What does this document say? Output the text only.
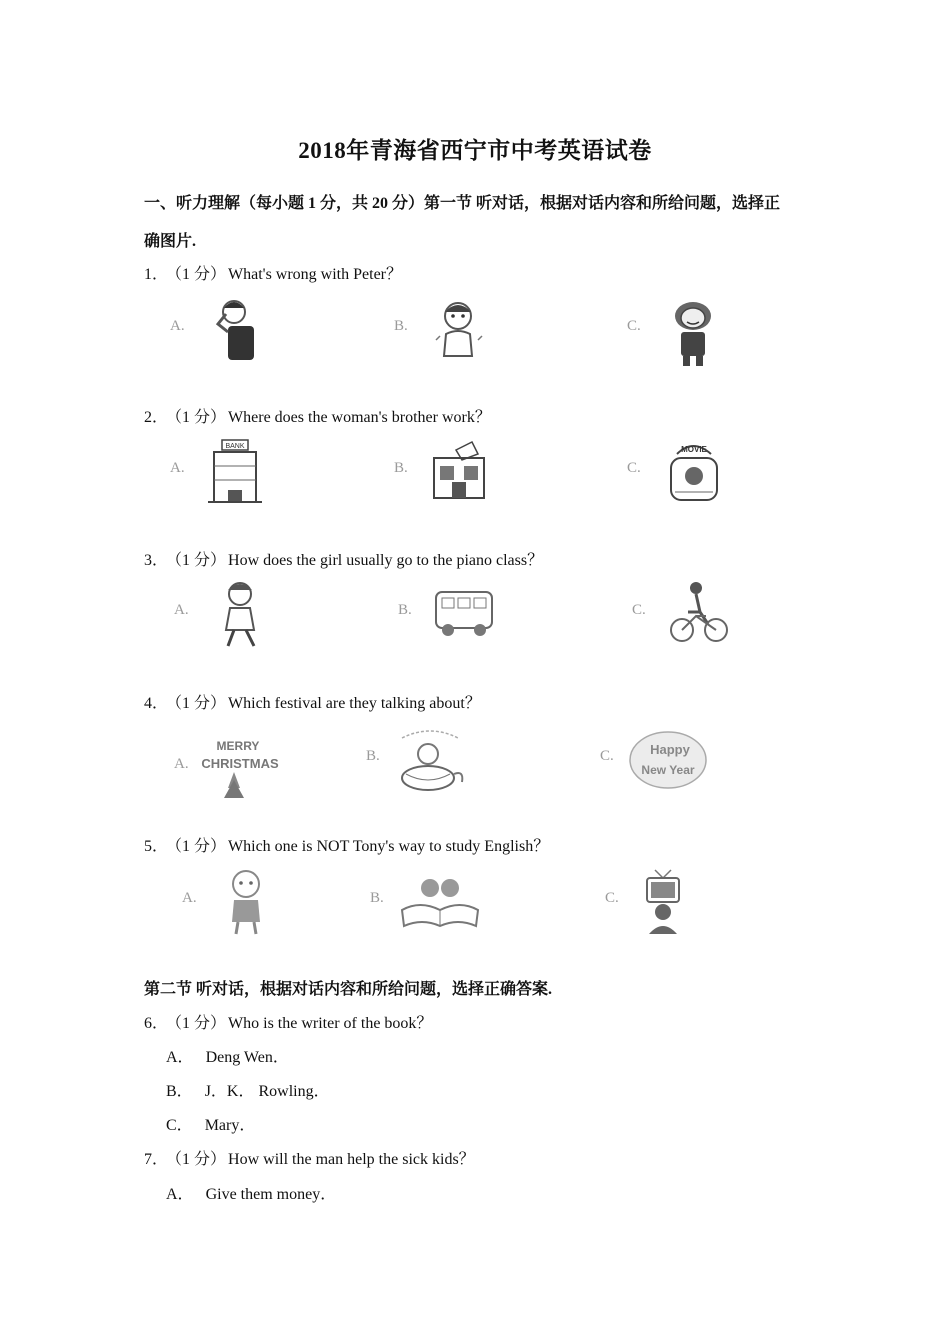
2018年青海省西宁市中考英语试卷
一、听力理解（每小题 1 分，共 20 分）第一节 听对话，根据对话内容和所给问题，选择正
确图片.
1． （1 分） What's wrong with Peter？
A.	B.	C.
2． （1 分） Where does the woman's brother work？
A.
BANK
B.	C.
MOVIE
3． （1 分） How does the girl usually go to the piano class？
A.	B.	C.
4． （1 分） Which festival are they talking about？
A.
MERRY
CHRISTMAS	B.	C.	Happy
New Year
5． （1 分） Which one is NOT Tony's way to study English？
A.	B.	C.
第二节 听对话，根据对话内容和所给问题，选择正确答案.
6． （1 分） Who is the writer of the book？
A． Deng Wen．
B． J．K． Rowling．
C． Mary．
7． （1 分） How will the man help the sick kids？
A． Give them money．
